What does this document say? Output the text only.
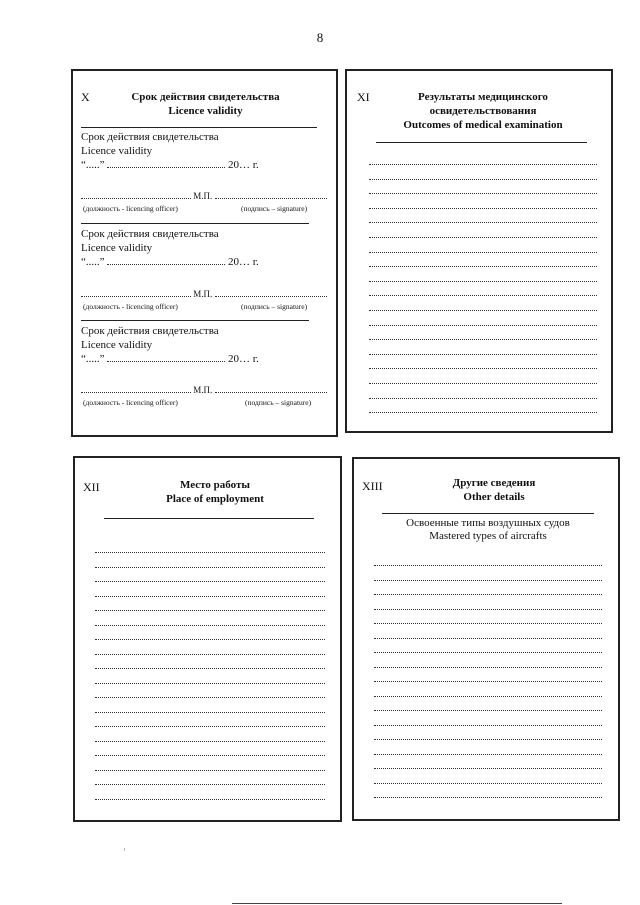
8
X	Срок действия свидетельства
Licence validity
Срок действия свидетельства
Licence validity
“.....”	20… г.
М.П.
(должность - licencing officer)	(подпись – signature)
Срок действия свидетельства
Licence validity
“.....”	20… г.
М.П.
(должность - licencing officer)	(подпись – signature)
Срок действия свидетельства
Licence validity
“.....”	20… г.
М.П.
(должность - licencing officer)	(подпись – signature)
XI	Результаты медицинского
освидетельствования
Outcomes of medical examination
XII	Место работы
Place of employment
XIII	Другие сведения
Other details
Освоенные типы воздушных судов
Mastered types of aircrafts
